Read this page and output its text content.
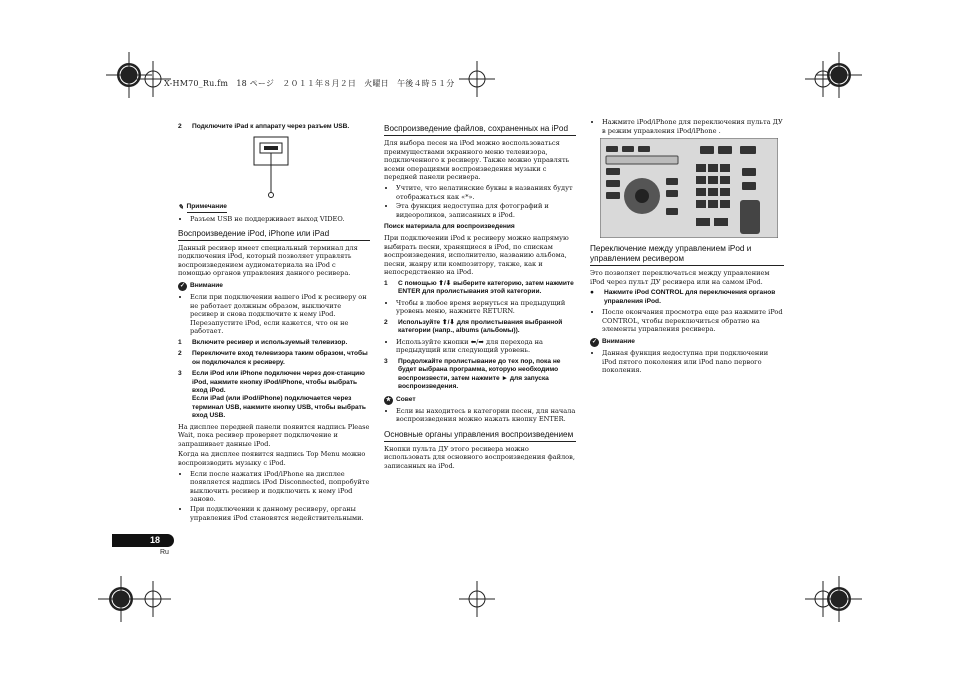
X-HM70_Ru.fm　18 ページ　２０１１年８月２日　火曜日　午後４時５１分
2	Подключите iPad к аппарату через разъем USB.
✎ Примечание
• Разъем USB не поддерживает выход VIDEO.
Воспроизведение iPod, iPhone или iPad

Данный ресивер имеет специальный терминал для подключения iPod, который позволяет управлять воспроизведением аудиоматериала на iPod с помощью органов управления данного ресивера.

✓ Внимание
• Если при подключении вашего iPod к ресиверу он не работает должным образом, выключите ресивер и снова подключите к нему iPod. Перезапустите iPod, если кажется, что он не работает.
1	Включите ресивер и используемый телевизор.
2	Переключите вход телевизора таким образом, чтобы он подключался к ресиверу.
3	Если iPod или iPhone подключен через док-станцию iPod, нажмите кнопку iPod/iPhone, чтобы выбрать вход iPod.
Если iPad (или iPod/iPhone) подключается через терминал USB, нажмите кнопку USB, чтобы выбрать вход USB.

На дисплее передней панели появится надпись Please Wait, пока ресивер проверяет подключение и запрашивает данные iPod.

Когда на дисплее появится надпись Top Menu можно воспроизводить музыку с iPod.

• Если после нажатия iPod/iPhone на дисплее появляется надпись iPod Disconnected, попробуйте выключить ресивер и подключить к нему iPod заново.
• При подключении к данному ресиверу, органы управления iPod становятся недействительными.
Воспроизведение файлов, сохраненных на iPod

Для выбора песен на iPod можно воспользоваться преимуществами экранного меню телевизора, подключенного к ресиверу. Также можно управлять всеми операциями воспроизведения музыки с передней панели ресивера.

• Учтите, что нелатинские буквы в названиях будут отображаться как «*».
• Эта функция недоступна для фотографий и видеороликов, записанных в iPod.
Поиск материала для воспроизведения

При подключении iPod к ресиверу можно напрямую выбирать песни, хранящиеся в iPod, по спискам воспроизведения, исполнителю, названию альбома, песни, жанру или композитору, также, как и непосредственно на iPod.

1	С помощью ⬆/⬇ выберите категорию, затем нажмите ENTER для пролистывания этой категории.
• Чтобы в любое время вернуться на предыдущий уровень меню, нажмите RETURN.
2	Используйте ⬆/⬇ для пролистывания выбранной категории (напр., albums (альбомы)).
• Используйте кнопки ⬅/➡ для перехода на предыдущий или следующий уровень.
3	Продолжайте пролистывание до тех пор, пока не будет выбрана программа, которую необходимо воспроизвести, затем нажмите ► для запуска воспроизведения.
★ Совет
• Если вы находитесь в категории песен, для начала воспроизведения можно нажать кнопку ENTER.
Основные органы управления воспроизведением

Кнопки пульта ДУ этого ресивера можно использовать для основного воспроизведения файлов, записанных на iPod.

• Нажмите iPod/iPhone для переключения пульта ДУ в режим управления iPod/iPhone .
Переключение между управлением iPod и управлением ресивером

Это позволяет переключаться между управлением iPod через пульт ДУ ресивера или на самом iPod.

●	Нажмите iPod CONTROL для переключения органов управления iPod.
• После окончания просмотра еще раз нажмите iPod CONTROL, чтобы переключиться обратно на элементы управления ресивера.
✓ Внимание
• Данная функция недоступна при подключении iPod пятого поколения или iPod nano первого поколения.
18
Ru
